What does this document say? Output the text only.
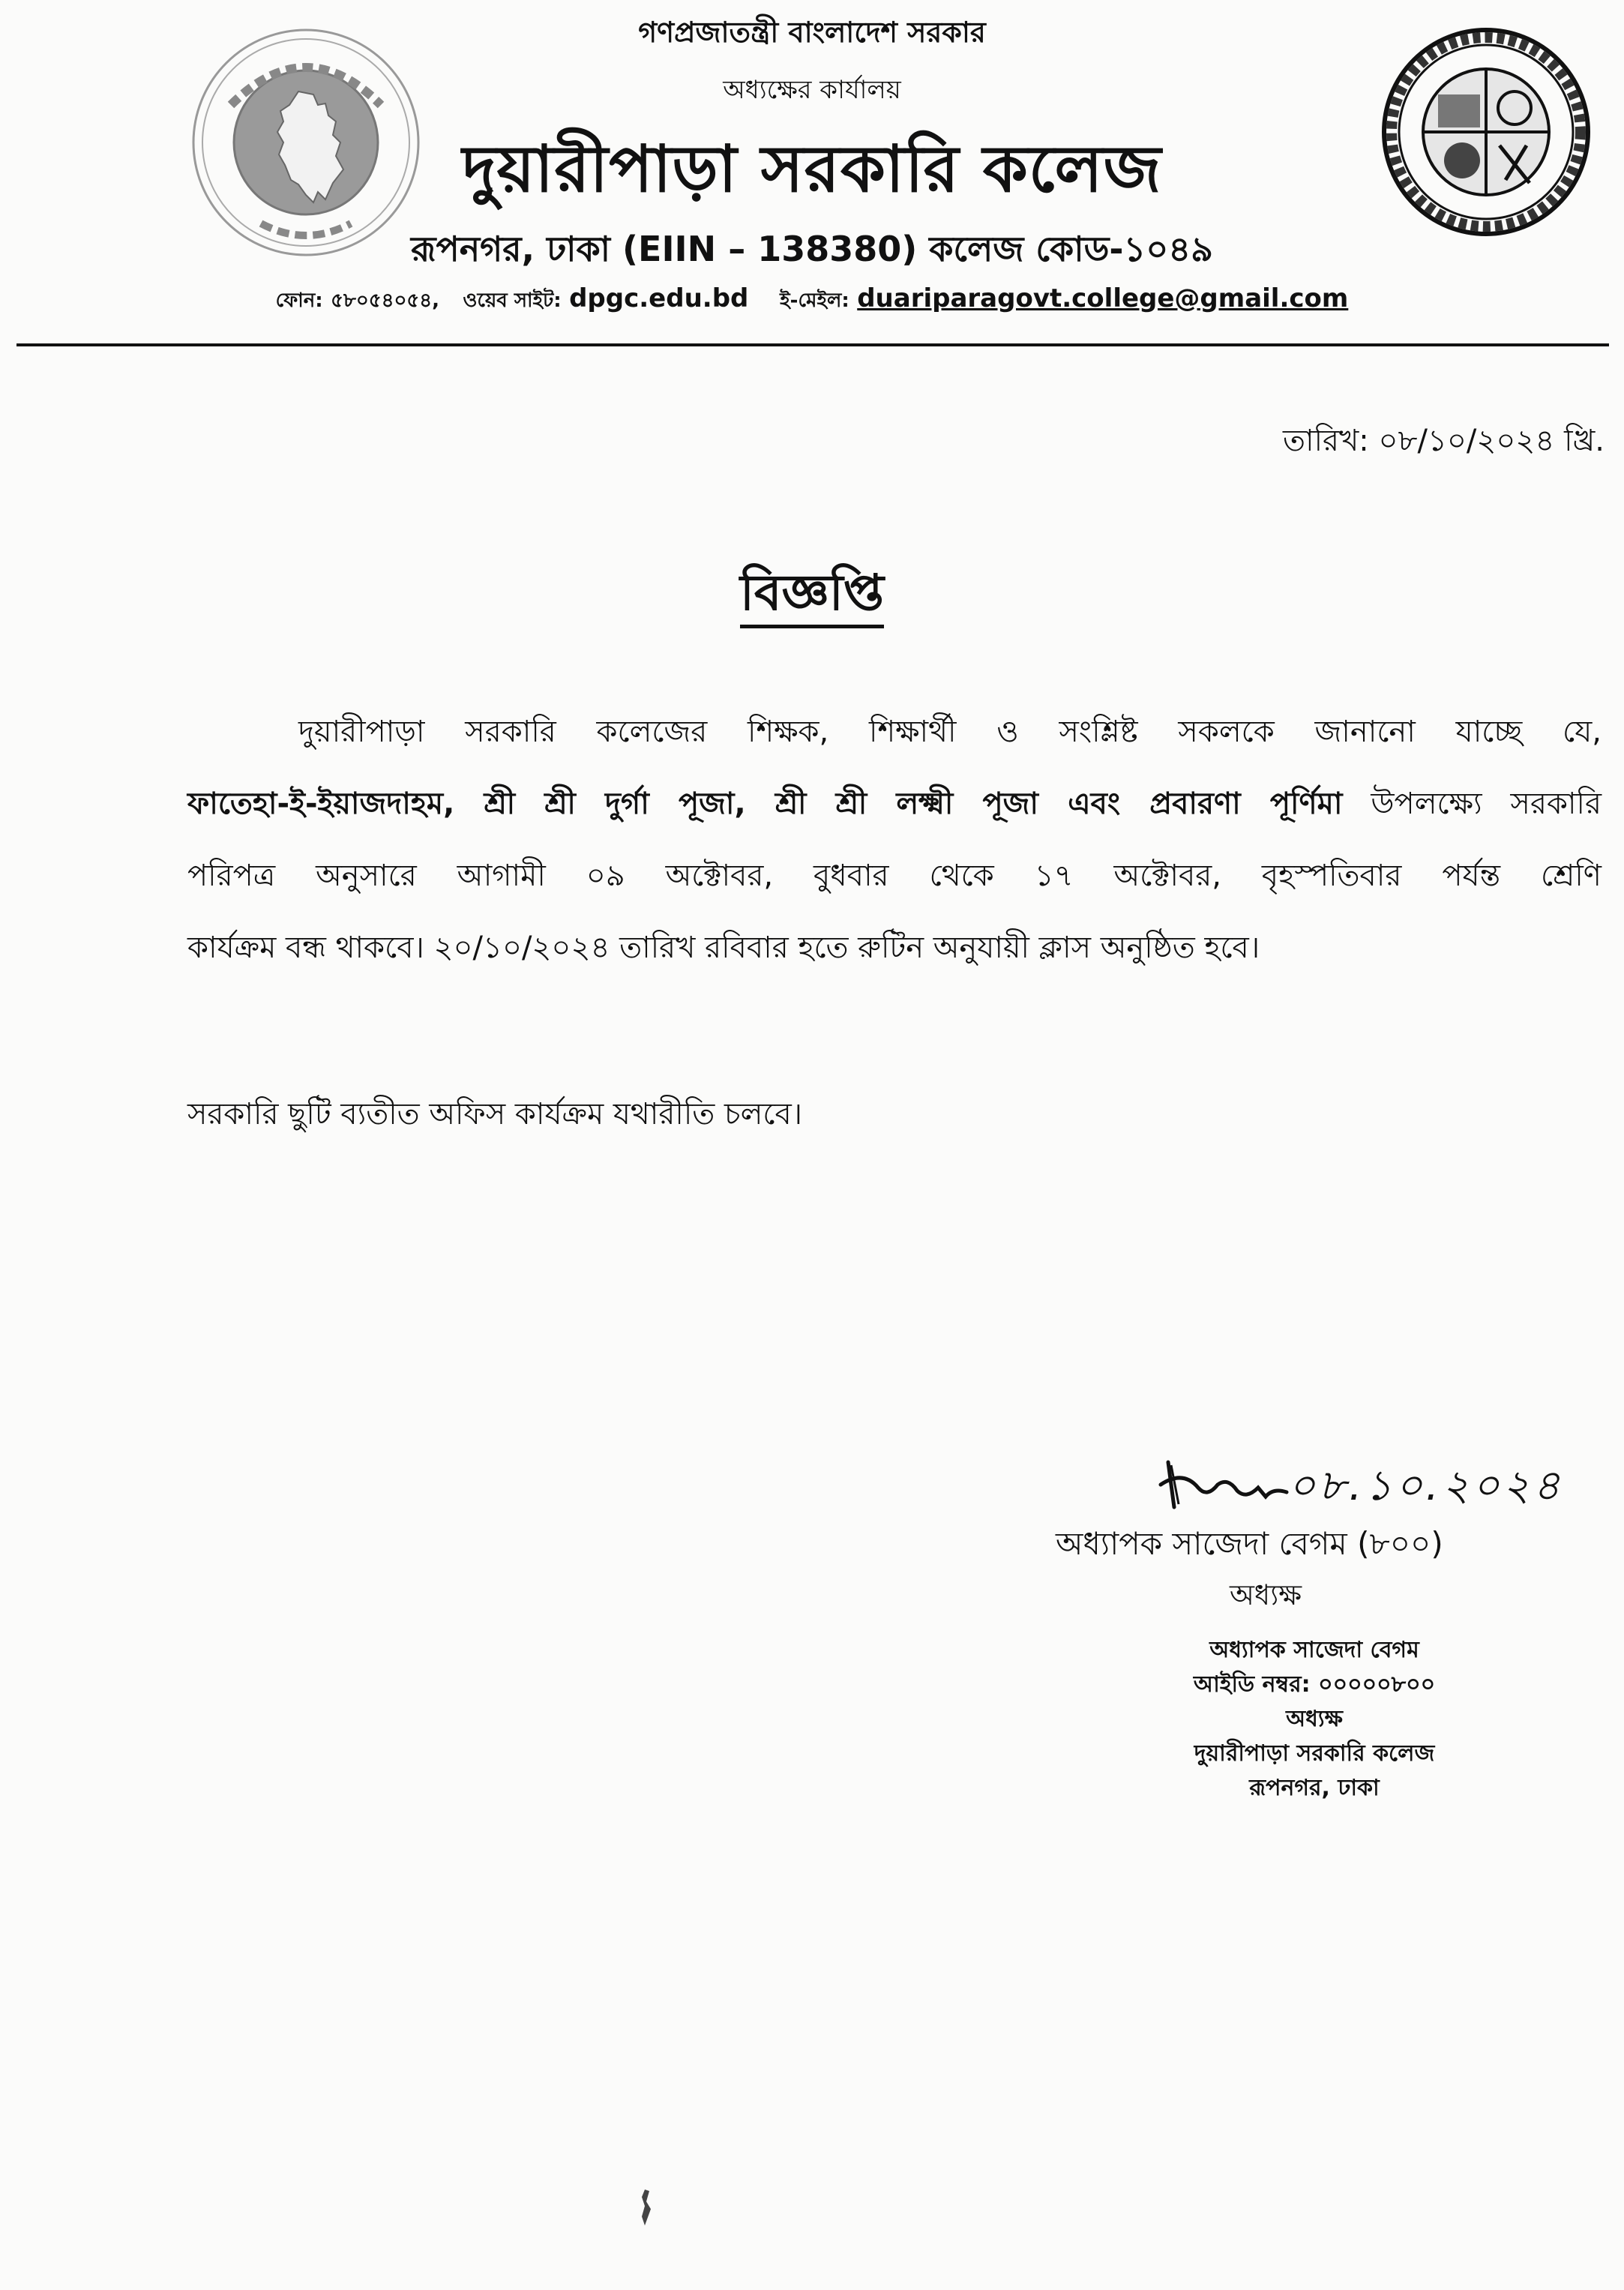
গণপ্রজাতন্ত্রী বাংলাদেশ সরকার
অধ্যক্ষের কার্যালয়
দুয়ারীপাড়া সরকারি কলেজ
রূপনগর, ঢাকা (EIIN – 138380) কলেজ কোড-১০৪৯
ফোন: ৫৮০৫৪০৫৪, ওয়েব সাইট: dpgc.edu.bd ই-মেইল: duariparagovt.college@gmail.com
তারিখ: ০৮/১০/২০২৪ খ্রি.
বিজ্ঞপ্তি
দুয়ারীপাড়া সরকারি কলেজের শিক্ষক, শিক্ষার্থী ও সংশ্লিষ্ট সকলকে জানানো যাচ্ছে যে,
ফাতেহা-ই-ইয়াজদাহম, শ্রী শ্রী দুর্গা পূজা, শ্রী শ্রী লক্ষ্মী পূজা এবং প্রবারণা পূর্ণিমা উপলক্ষ্যে সরকারি
পরিপত্র অনুসারে আগামী ০৯ অক্টোবর, বুধবার থেকে ১৭ অক্টোবর, বৃহস্পতিবার পর্যন্ত শ্রেণি
কার্যক্রম বন্ধ থাকবে। ২০/১০/২০২৪ তারিখ রবিবার হতে রুটিন অনুযায়ী ক্লাস অনুষ্ঠিত হবে।
সরকারি ছুটি ব্যতীত অফিস কার্যক্রম যথারীতি চলবে।
০৮.১০.২০২৪
অধ্যাপক সাজেদা বেগম (৮০০)
অধ্যক্ষ
অধ্যাপক সাজেদা বেগম
আইডি নম্বর: ০০০০০৮০০
অধ্যক্ষ
দুয়ারীপাড়া সরকারি কলেজ
রূপনগর, ঢাকা
